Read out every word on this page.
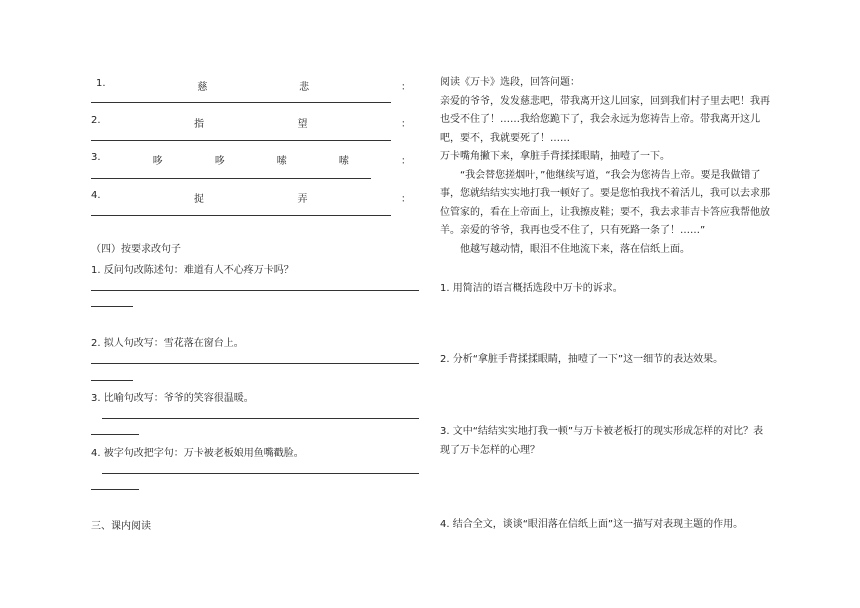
1.	慈	悲	：
2.	指	望	：
3.	哆	哆	嗦	嗦	：
4.	捉	弄	：
（四）按要求改句子
1. 反问句改陈述句：难道有人不心疼万卡吗？
2. 拟人句改写：雪花落在窗台上。
3. 比喻句改写：爷爷的笑容很温暖。
4. 被字句改把字句：万卡被老板娘用鱼嘴戳脸。
三、课内阅读

阅读《万卡》选段，回答问题：

亲爱的爷爷，发发慈悲吧，带我离开这儿回家，回到我们村子里去吧！我再也受不住了！……我给您跪下了，我会永远为您祷告上帝。带我离开这儿吧，要不，我就要死了！……

万卡嘴角撇下来，拿脏手背揉揉眼睛，抽噎了一下。

“我会替您搓烟叶，”他继续写道，“我会为您祷告上帝。要是我做错了事，您就结结实实地打我一顿好了。要是您怕我找不着活儿，我可以去求那位管家的，看在上帝面上，让我擦皮鞋；要不，我去求菲吉卡答应我帮他放羊。亲爱的爷爷，我再也受不住了，只有死路一条了！……”

他越写越动情，眼泪不住地流下来，落在信纸上面。

1. 用简洁的语言概括选段中万卡的诉求。
2. 分析“拿脏手背揉揉眼睛，抽噎了一下”这一细节的表达效果。
3. 文中“结结实实地打我一顿”与万卡被老板打的现实形成怎样的对比？表现了万卡怎样的心理？
4. 结合全文，谈谈“眼泪落在信纸上面”这一描写对表现主题的作用。
